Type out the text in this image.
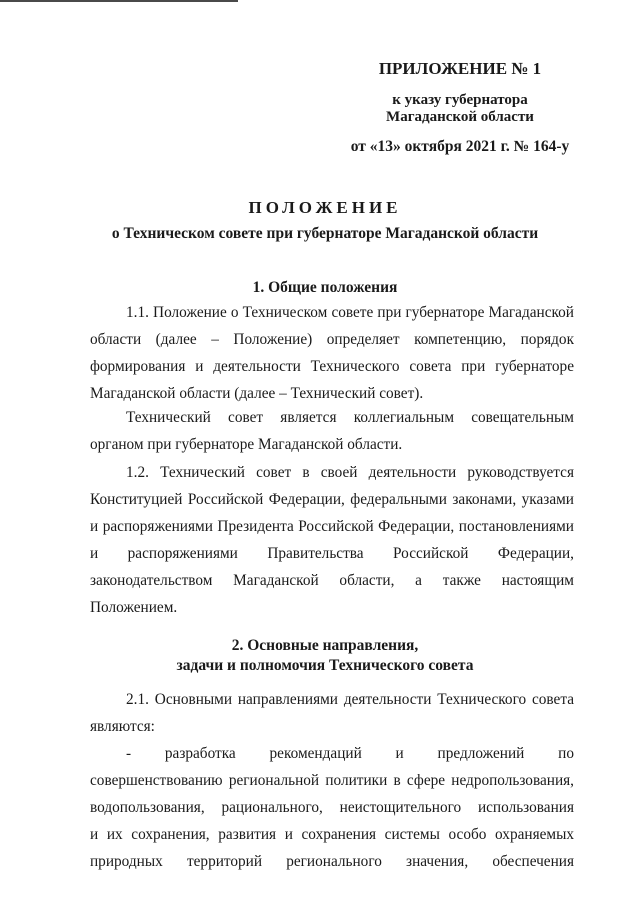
ПРИЛОЖЕНИЕ № 1
к указу губернатора
Магаданской области
от «13» октября 2021 г. № 164-у
ПОЛОЖЕНИЕ
о Техническом совете при губернаторе Магаданской области
1. Общие положения
1.1. Положение о Техническом совете при губернаторе Магаданской
области (далее – Положение) определяет компетенцию, порядок
формирования и деятельности Технического совета при губернаторе
Магаданской области (далее – Технический совет).
Технический совет является коллегиальным совещательным
органом при губернаторе Магаданской области.
1.2. Технический совет в своей деятельности руководствуется
Конституцией Российской Федерации, федеральными законами, указами
и распоряжениями Президента Российской Федерации, постановлениями
и распоряжениями Правительства Российской Федерации,
законодательством Магаданской области, а также настоящим
Положением.
2. Основные направления,
задачи и полномочия Технического совета
2.1. Основными направлениями деятельности Технического совета
являются:
- разработка рекомендаций и предложений по
совершенствованию региональной политики в сфере недропользования,
водопользования, рационального, неистощительного использования
и их сохранения, развития и сохранения системы особо охраняемых
природных территорий регионального значения, обеспечения
